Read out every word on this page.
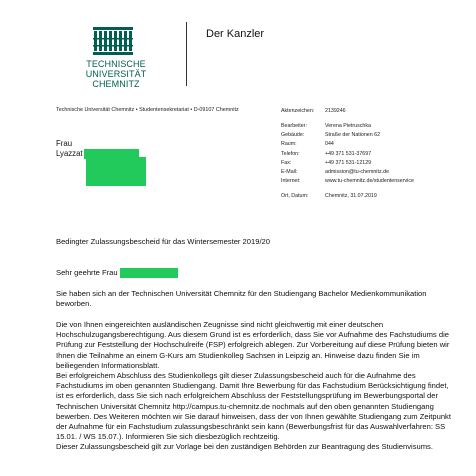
TECHNISCHE UNIVERSITÄT
CHEMNITZ
Der Kanzler
Technische Universität Chemnitz • Studentensekretariat • D-09107 Chemnitz
Frau
Lyazzat
Aktenzeichen:	2139246
Bearbeiter:	Verena Pietruschka
Gebäude:	Straße der Nationen 62
Raum:	044
Telefon:	+49 371 531-37697
Fax:	+49 371 531-12129
E-Mail:	admission@tu-chemnitz.de
Internet:	www.tu-chemnitz.de/studentenservice
Ort, Datum:	Chemnitz, 31.07.2019
Bedingter Zulassungsbescheid für das Wintersemester 2019/20
Sehr geehrte Frau
Sie haben sich an der Technischen Universität Chemnitz für den Studiengang Bachelor Medienkommunikation beworben.
Die von Ihnen eingereichten ausländischen Zeugnisse sind nicht gleichwertig mit einer deutschen Hochschulzugangsberechtigung. Aus diesem Grund ist es erforderlich, dass Sie vor Aufnahme des Fachstudiums die Prüfung zur Feststellung der Hochschulreife (FSP) erfolgreich ablegen. Zur Vorbereitung auf diese Prüfung bieten wir Ihnen die Teilnahme an einem G-Kurs am Studienkolleg Sachsen in Leipzig an. Hinweise dazu finden Sie im beiliegenden Informationsblatt.
Bei erfolgreichem Abschluss des Studienkollegs gilt dieser Zulassungsbescheid auch für die Aufnahme des Fachstudiums im oben genannten Studiengang. Damit Ihre Bewerbung für das Fachstudium Berücksichtigung findet, ist es erforderlich, dass Sie sich nach erfolgreichem Abschluss der Feststellungsprüfung im Bewerbungsportal der Technischen Universität Chemnitz http://campus.tu-chemnitz.de nochmals auf den oben genannten Studiengang bewerben. Des Weiteren möchten wir Sie darauf hinweisen, dass der von Ihnen gewählte Studiengang zum Zeitpunkt der Aufnahme für ein Fachstudium zulassungsbeschränkt sein kann (Bewerbungsfrist für das Auswahlverfahren: SS 15.01. / WS 15.07.). Informieren Sie sich diesbezüglich rechtzeitig.
Dieser Zulassungsbescheid gilt zur Vorlage bei den zuständigen Behörden zur Beantragung des Studienvisums.
